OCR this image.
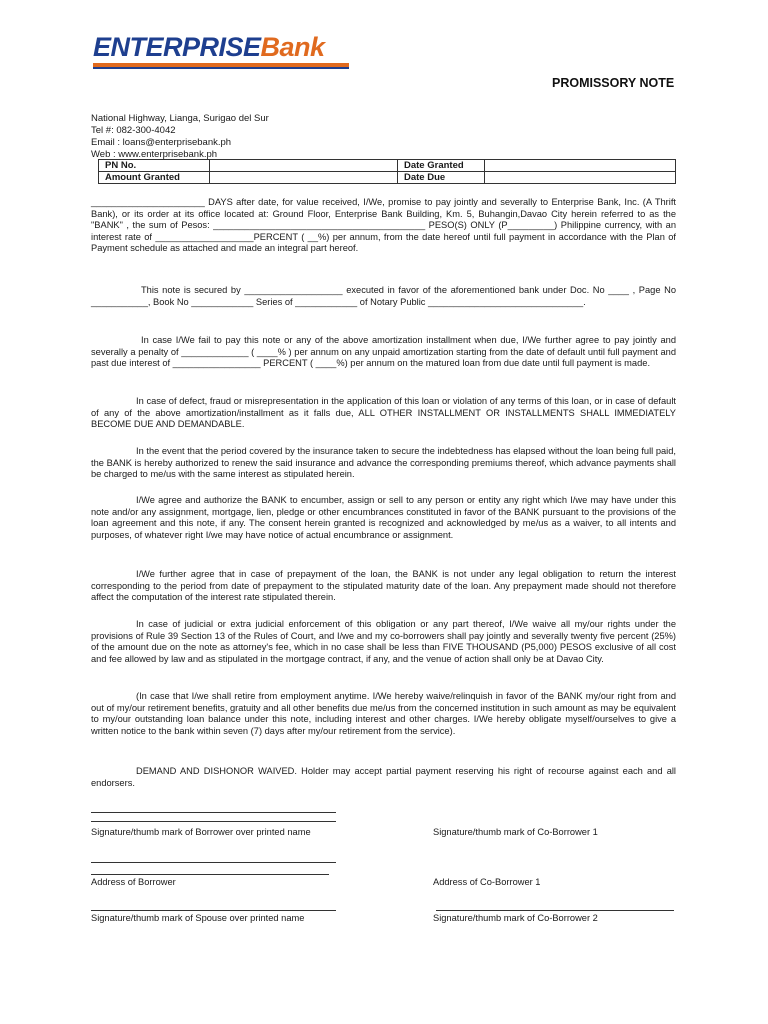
ENTERPRISEBank
PROMISSORY NOTE
National Highway, Lianga, Surigao del Sur
Tel #: 082-300-4042
Email : loans@enterprisebank.ph
Web : www.enterprisebank.ph
PN No.		Date Granted	
Amount Granted		Date Due	
______________________ DAYS after date, for value received, I/We, promise to pay jointly and severally to Enterprise Bank, Inc. (A Thrift Bank), or its order at its office located at: Ground Floor, Enterprise Bank Building, Km. 5, Buhangin,Davao City herein referred to as the "BANK" , the sum of Pesos: _________________________________________ PESO(S) ONLY (P_________) Philippine currency, with an interest rate of ___________________PERCENT ( __%) per annum, from the date hereof until full payment in accordance with the Plan of Payment schedule as attached and made an integral part hereof.
This note is secured by ___________________ executed in favor of the aforementioned bank under Doc. No ____ , Page No ___________, Book No ____________ Series of ____________ of Notary Public ______________________________.
In case I/We fail to pay this note or any of the above amortization installment when due, I/We further agree to pay jointly and severally a penalty of _____________ ( ____% ) per annum on any unpaid amortization starting from the date of default until full payment and past due interest of _________________ PERCENT ( ____%) per annum on the matured loan from due date until full payment is made.
In case of defect, fraud or misrepresentation in the application of this loan or violation of any terms of this loan, or in case of default of any of the above amortization/installment as it falls due, ALL OTHER INSTALLMENT OR INSTALLMENTS SHALL IMMEDIATELY BECOME DUE AND DEMANDABLE.
In the event that the period covered by the insurance taken to secure the indebtedness has elapsed without the loan being full paid, the BANK is hereby authorized to renew the said insurance and advance the corresponding premiums thereof, which advance payments shall be charged to me/us with the same interest as stipulated herein.
I/We agree and authorize the BANK to encumber, assign or sell to any person or entity any right which I/we may have under this note and/or any assignment, mortgage, lien, pledge or other encumbrances constituted in favor of the BANK pursuant to the provisions of the loan agreement and this note, if any. The consent herein granted is recognized and acknowledged by me/us as a waiver, to all intents and purposes, of whatever right I/we may have notice of actual encumbrance or assignment.
I/We further agree that in case of prepayment of the loan, the BANK is not under any legal obligation to return the interest corresponding to the period from date of prepayment to the stipulated maturity date of the loan. Any prepayment made should not therefore affect the computation of the interest rate stipulated therein.
In case of judicial or extra judicial enforcement of this obligation or any part thereof, I/We waive all my/our rights under the provisions of Rule 39 Section 13 of the Rules of Court, and I/we and my co-borrowers shall pay jointly and severally twenty five percent (25%) of the amount due on the note as attorney's fee, which in no case shall be less than FIVE THOUSAND (P5,000) PESOS exclusive of all cost and fee allowed by law and as stipulated in the mortgage contract, if any, and the venue of action shall only be at Davao City.
(In case that I/we shall retire from employment anytime. I/We hereby waive/relinquish in favor of the BANK my/our right from and out of my/our retirement benefits, gratuity and all other benefits due me/us from the concerned institution in such amount as may be equivalent to my/our outstanding loan balance under this note, including interest and other charges. I/We hereby obligate myself/ourselves to give a written notice to the bank within seven (7) days after my/our retirement from the service).
DEMAND AND DISHONOR WAIVED. Holder may accept partial payment reserving his right of recourse against each and all endorsers.
Signature/thumb mark of Borrower over printed name	Signature/thumb mark of Co-Borrower 1
Address of Borrower	Address of Co-Borrower 1
Signature/thumb mark of Spouse over printed name	Signature/thumb mark of Co-Borrower 2
